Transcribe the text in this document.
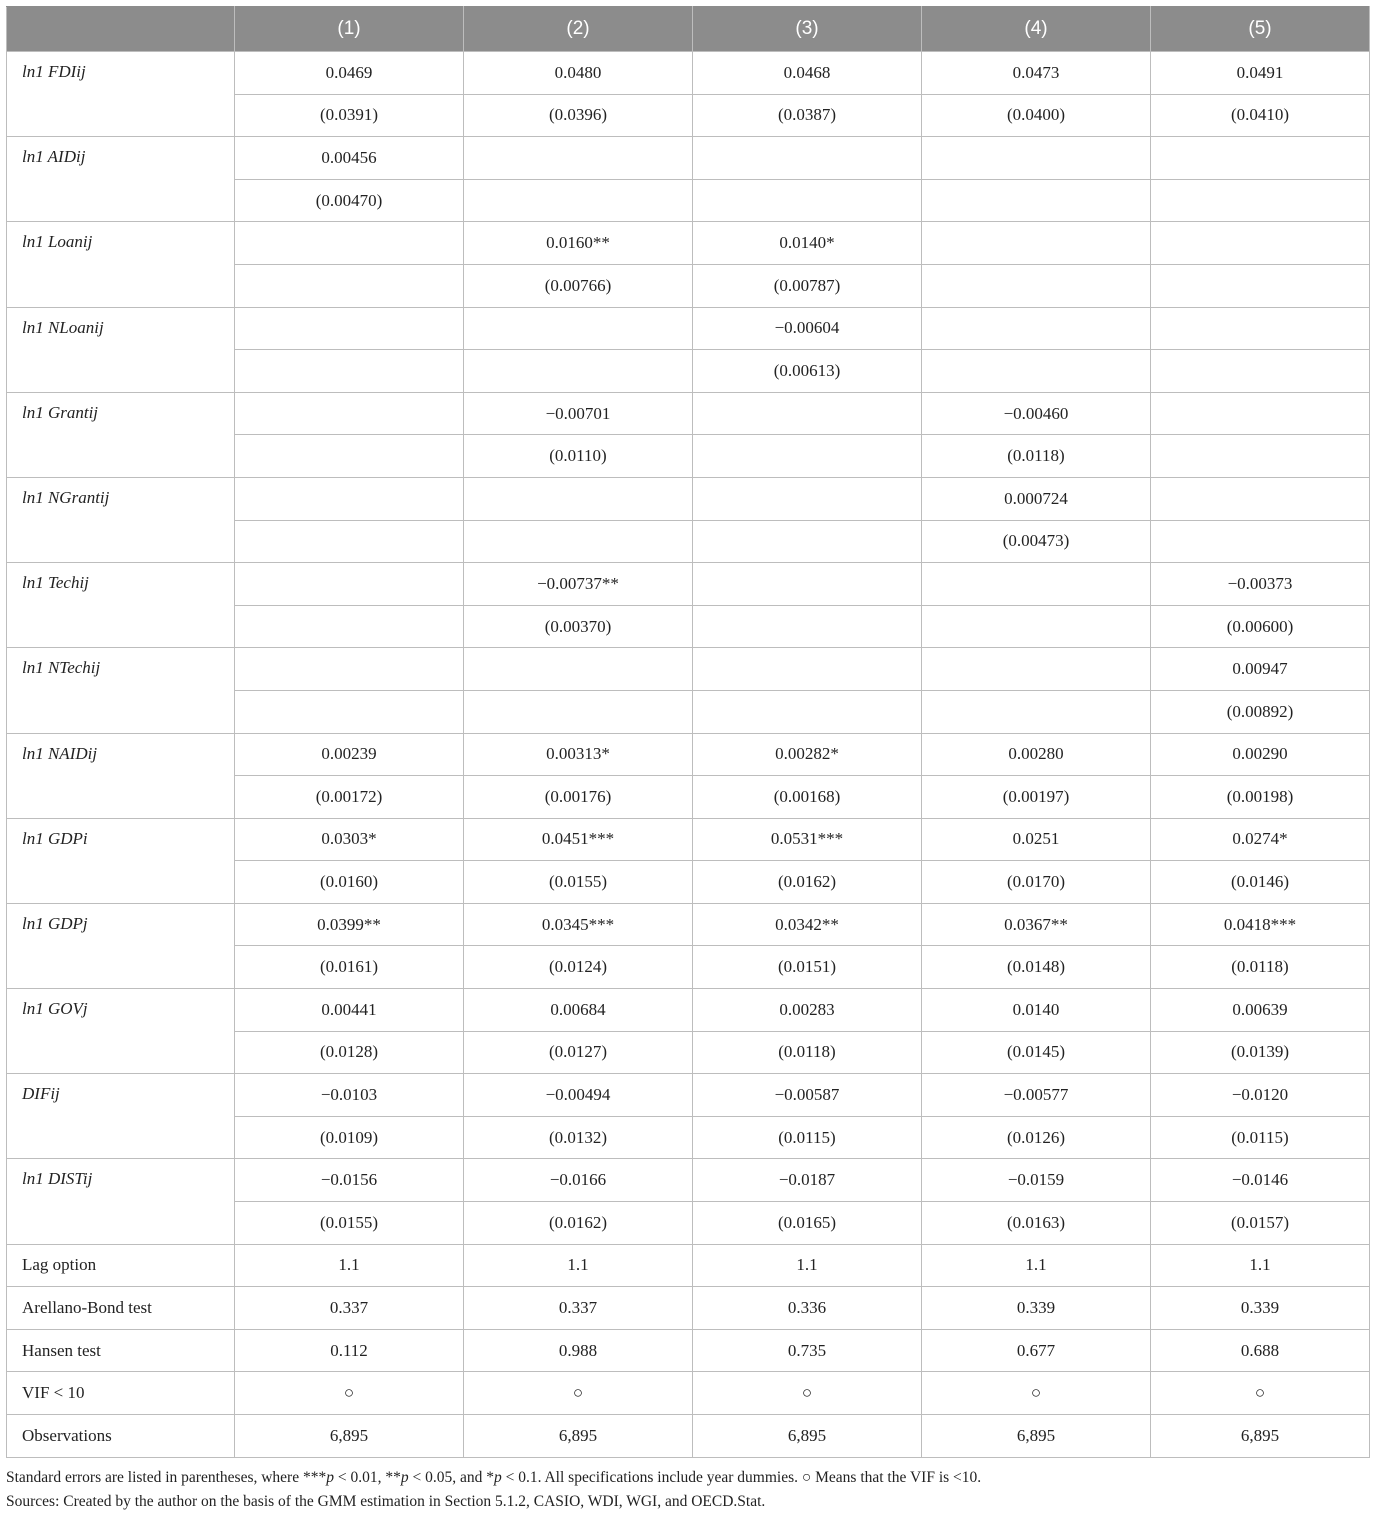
	(1)	(2)	(3)	(4)	(5)
ln1 FDIij	0.0469	0.0480	0.0468	0.0473	0.0491
	(0.0391)	(0.0396)	(0.0387)	(0.0400)	(0.0410)
ln1 AIDij	0.00456				
	(0.00470)				
ln1 Loanij		0.0160**	0.0140*		
		(0.00766)	(0.00787)		
ln1 NLoanij			−0.00604		
			(0.00613)		
ln1 Grantij		−0.00701		−0.00460	
		(0.0110)		(0.0118)	
ln1 NGrantij				0.000724	
				(0.00473)	
ln1 Techij		−0.00737**			−0.00373
		(0.00370)			(0.00600)
ln1 NTechij					0.00947
					(0.00892)
ln1 NAIDij	0.00239	0.00313*	0.00282*	0.00280	0.00290
	(0.00172)	(0.00176)	(0.00168)	(0.00197)	(0.00198)
ln1 GDPi	0.0303*	0.0451***	0.0531***	0.0251	0.0274*
	(0.0160)	(0.0155)	(0.0162)	(0.0170)	(0.0146)
ln1 GDPj	0.0399**	0.0345***	0.0342**	0.0367**	0.0418***
	(0.0161)	(0.0124)	(0.0151)	(0.0148)	(0.0118)
ln1 GOVj	0.00441	0.00684	0.00283	0.0140	0.00639
	(0.0128)	(0.0127)	(0.0118)	(0.0145)	(0.0139)
DIFij	−0.0103	−0.00494	−0.00587	−0.00577	−0.0120
	(0.0109)	(0.0132)	(0.0115)	(0.0126)	(0.0115)
ln1 DISTij	−0.0156	−0.0166	−0.0187	−0.0159	−0.0146
	(0.0155)	(0.0162)	(0.0165)	(0.0163)	(0.0157)
Lag option	1.1	1.1	1.1	1.1	1.1
Arellano-Bond test	0.337	0.337	0.336	0.339	0.339
Hansen test	0.112	0.988	0.735	0.677	0.688
VIF < 10	○	○	○	○	○
Observations	6,895	6,895	6,895	6,895	6,895
Standard errors are listed in parentheses, where ***p < 0.01, **p < 0.05, and *p < 0.1. All specifications include year dummies. ○ Means that the VIF is <10.
Sources: Created by the author on the basis of the GMM estimation in Section 5.1.2, CASIO, WDI, WGI, and OECD.Stat.
